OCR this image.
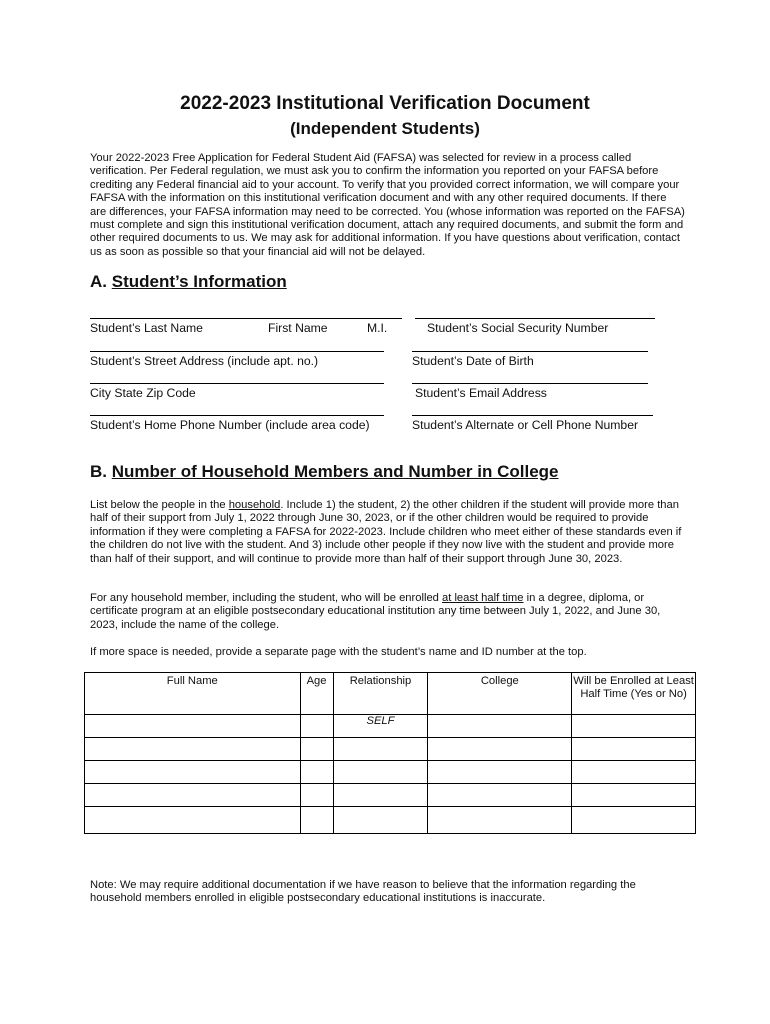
2022-2023 Institutional Verification Document
(Independent Students)
Your 2022-2023 Free Application for Federal Student Aid (FAFSA) was selected for review in a process called verification. Per Federal regulation, we must ask you to confirm the information you reported on your FAFSA before crediting any Federal financial aid to your account. To verify that you provided correct information, we will compare your FAFSA with the information on this institutional verification document and with any other required documents. If there are differences, your FAFSA information may need to be corrected. You (whose information was reported on the FAFSA) must complete and sign this institutional verification document, attach any required documents, and submit the form and other required documents to us. We may ask for additional information. If you have questions about verification, contact us as soon as possible so that your financial aid will not be delayed.
A. Student’s Information
Student’s Last Name	First Name	M.I.	Student’s Social Security Number
Student’s Street Address (include apt. no.)	Student’s Date of Birth
City State Zip Code	Student’s Email Address
Student’s Home Phone Number (include area code)	Student’s Alternate or Cell Phone Number
B. Number of Household Members and Number in College
List below the people in the household. Include 1) the student, 2) the other children if the student will provide more than half of their support from July 1, 2022 through June 30, 2023, or if the other children would be required to provide information if they were completing a FAFSA for 2022-2023. Include children who meet either of these standards even if the children do not live with the student. And 3) include other people if they now live with the student and provide more than half of their support, and will continue to provide more than half of their support through June 30, 2023.
For any household member, including the student, who will be enrolled at least half time in a degree, diploma, or certificate program at an eligible postsecondary educational institution any time between July 1, 2022, and June 30, 2023, include the name of the college.
If more space is needed, provide a separate page with the student’s name and ID number at the top.
Full Name	Age	Relationship	College	Will be Enrolled at Least Half Time (Yes or No)
		SELF		

Note: We may require additional documentation if we have reason to believe that the information regarding the household members enrolled in eligible postsecondary educational institutions is inaccurate.
